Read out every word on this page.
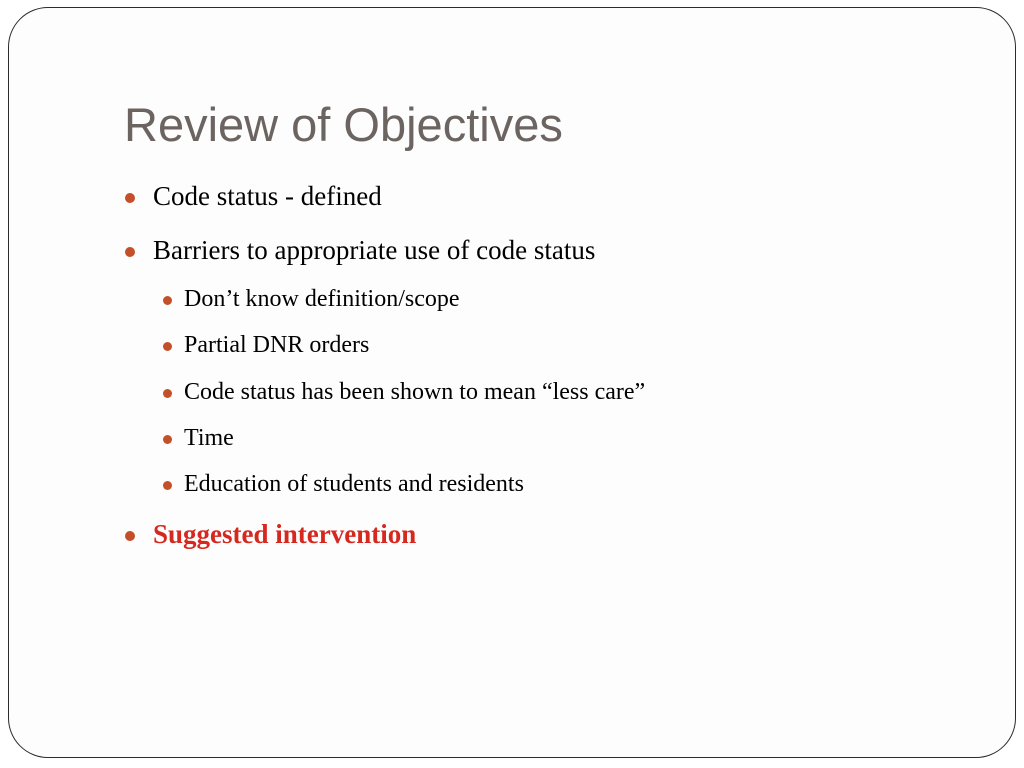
Review of Objectives
Code status - defined
Barriers to appropriate use of code status
Don’t know definition/scope
Partial DNR orders
Code status has been shown to mean “less care”
Time
Education of students and residents
Suggested intervention
